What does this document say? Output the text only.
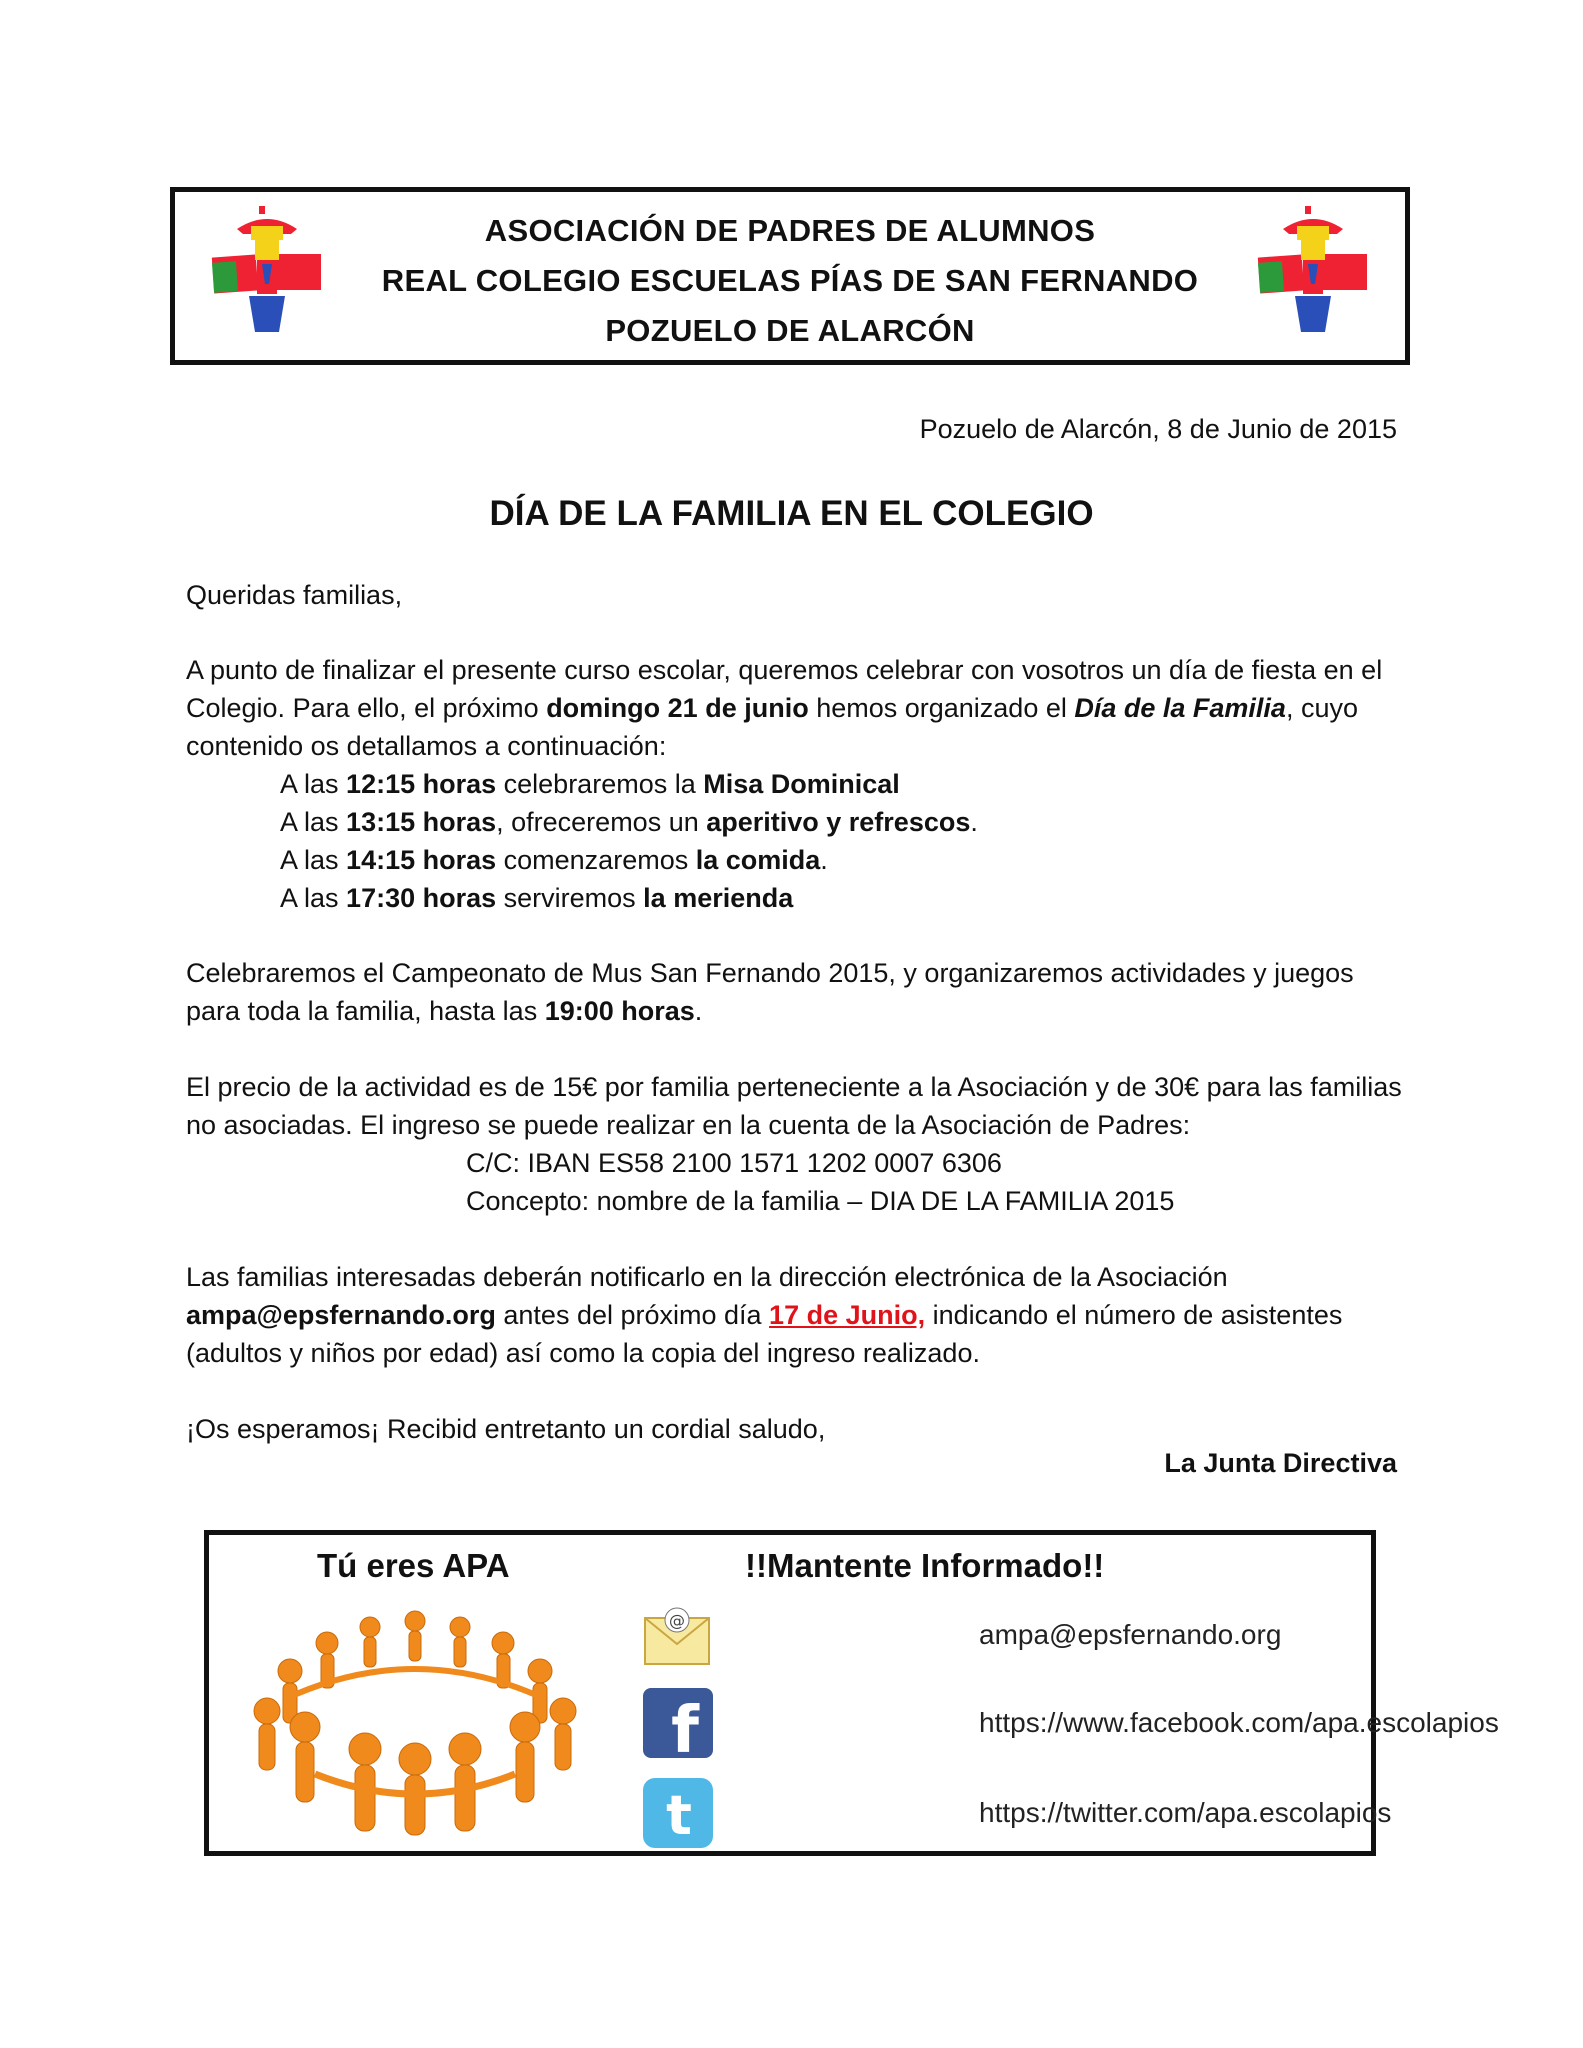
ASOCIACIÓN DE PADRES DE ALUMNOS
REAL COLEGIO ESCUELAS PÍAS DE SAN FERNANDO
POZUELO DE ALARCÓN
Pozuelo de Alarcón, 8 de Junio de 2015
DÍA DE LA FAMILIA EN EL COLEGIO
Queridas familias,
A punto de finalizar el presente curso escolar, queremos celebrar con vosotros un día de fiesta en el Colegio. Para ello, el próximo domingo 21 de junio hemos organizado el Día de la Familia, cuyo contenido os detallamos a continuación:
A las 12:15 horas celebraremos la Misa Dominical
A las 13:15 horas, ofreceremos un aperitivo y refrescos.
A las 14:15 horas comenzaremos la comida.
A las 17:30 horas serviremos la merienda
Celebraremos el Campeonato de Mus San Fernando 2015, y organizaremos actividades y juegos para toda la familia, hasta las 19:00 horas.
El precio de la actividad es de 15€ por familia perteneciente a la Asociación y de 30€ para las familias no asociadas. El ingreso se puede realizar en la cuenta de la Asociación de Padres:
C/C: IBAN ES58 2100 1571 1202 0007 6306
Concepto: nombre de la familia – DIA DE LA FAMILIA 2015
Las familias interesadas deberán notificarlo en la dirección electrónica de la Asociación ampa@epsfernando.org antes del próximo día 17 de Junio, indicando el número de asistentes (adultos y niños por edad) así como la copia del ingreso realizado.
¡Os esperamos¡ Recibid entretanto un cordial saludo,
La Junta Directiva
Tú eres APA	!!Mantente Informado!!
@	ampa@epsfernando.org
f	https://www.facebook.com/apa.escolapios
t	https://twitter.com/apa.escolapios
